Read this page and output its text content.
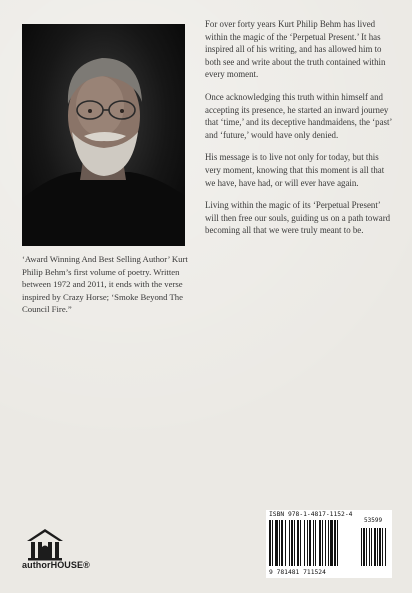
For over forty years Kurt Philip Behm has lived within the magic of the ‘Perpetual Present.’ It has inspired all of his writing, and has allowed him to both see and write about the truth contained within every moment.

Once acknowledging this truth within himself and accepting its presence, he started an inward journey that ‘time,’ and its deceptive handmaidens, the ‘past’ and ‘future,’ would have only denied.

His message is to live not only for today, but this very moment, knowing that this moment is all that we have, have had, or will ever have again.

Living within the magic of its ‘Perpetual Present’ will then free our souls, guiding us on a path toward becoming all that we were truly meant to be.

‘Award Winning And Best Selling Author’ Kurt Philip Behm’s first volume of poetry. Written between 1972 and 2011, it ends with the verse inspired by Crazy Horse; ‘Smoke Beyond The Council Fire.”

authorHOUSE®
ISBN 978-1-4817-1152-4
53599
9 781481 711524
